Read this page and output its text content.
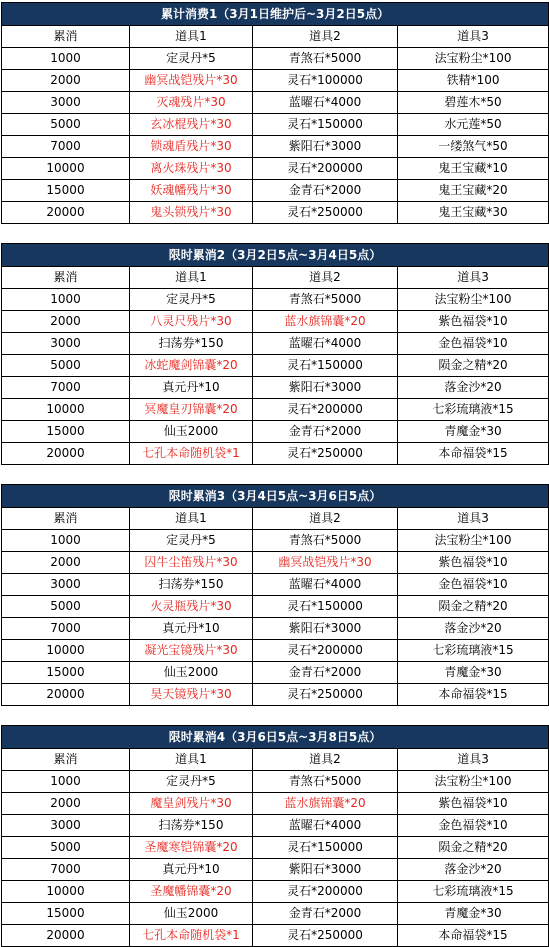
累计消费1（3月1日维护后~3月2日5点）			
累消	道具1	道具2	道具3
1000	定灵丹*5	青煞石*5000	法宝粉尘*100
2000	幽冥战铠残片*30	灵石*100000	铁精*100
3000	灭魂残片*30	蓝曜石*4000	碧莲木*50
5000	玄冰棍残片*30	灵石*150000	水元莲*50
7000	锁魂盾残片*30	紫阳石*3000	一缕煞气*50
10000	离火珠残片*30	灵石*200000	鬼王宝藏*10
15000	妖魂幡残片*30	金青石*2000	鬼王宝藏*20
20000	鬼头锁残片*30	灵石*250000	鬼王宝藏*30
限时累消2（3月2日5点~3月4日5点）			
累消	道具1	道具2	道具3
1000	定灵丹*5	青煞石*5000	法宝粉尘*100
2000	八灵尺残片*30	蓝水旗锦囊*20	紫色福袋*10
3000	扫荡券*150	蓝曜石*4000	金色福袋*10
5000	冰蛇魔剑锦囊*20	灵石*150000	陨金之精*20
7000	真元丹*10	紫阳石*3000	落金沙*20
10000	冥魔皇刃锦囊*20	灵石*200000	七彩琉璃液*15
15000	仙玉2000	金青石*2000	青魔金*30
20000	七孔本命随机袋*1	灵石*250000	本命福袋*15
限时累消3（3月4日5点~3月6日5点）			
累消	道具1	道具2	道具3
1000	定灵丹*5	青煞石*5000	法宝粉尘*100
2000	囚牛尘笛残片*30	幽冥战铠残片*30	紫色福袋*10
3000	扫荡券*150	蓝曜石*4000	金色福袋*10
5000	火灵瓶残片*30	灵石*150000	陨金之精*20
7000	真元丹*10	紫阳石*3000	落金沙*20
10000	凝光宝镜残片*30	灵石*200000	七彩琉璃液*15
15000	仙玉2000	金青石*2000	青魔金*30
20000	昊天镜残片*30	灵石*250000	本命福袋*15
限时累消4（3月6日5点~3月8日5点）			
累消	道具1	道具2	道具3
1000	定灵丹*5	青煞石*5000	法宝粉尘*100
2000	魔皇剑残片*30	蓝水旗锦囊*20	紫色福袋*10
3000	扫荡券*150	蓝曜石*4000	金色福袋*10
5000	圣魔寒铠锦囊*20	灵石*150000	陨金之精*20
7000	真元丹*10	紫阳石*3000	落金沙*20
10000	圣魔幡锦囊*20	灵石*200000	七彩琉璃液*15
15000	仙玉2000	金青石*2000	青魔金*30
20000	七孔本命随机袋*1	灵石*250000	本命福袋*15
